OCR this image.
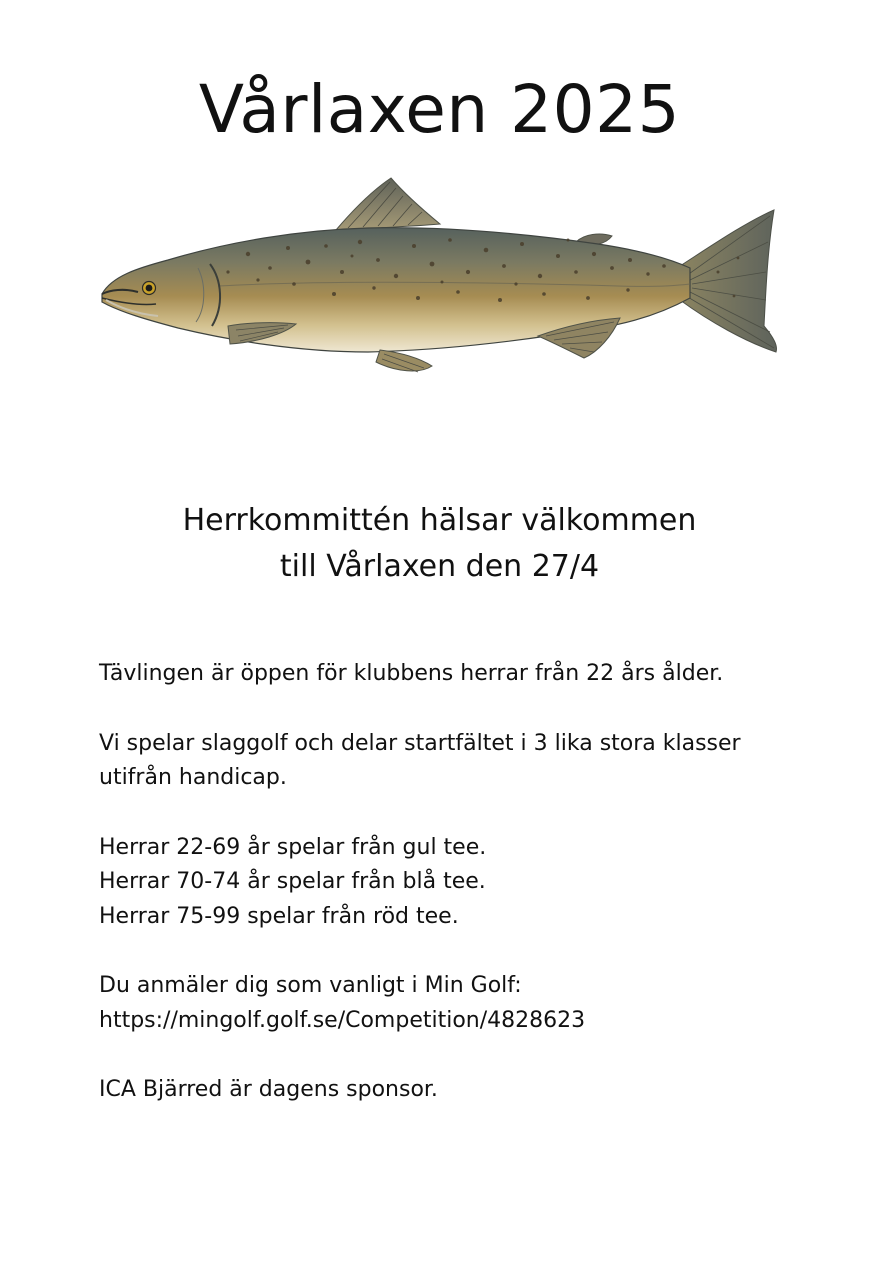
Vårlaxen 2025
Herrkommittén hälsar välkommen
till Vårlaxen den 27/4
Tävlingen är öppen för klubbens herrar från 22 års ålder.
Vi spelar slaggolf och delar startfältet i 3 lika stora klasser
utifrån handicap.
Herrar 22-69 år spelar från gul tee.
Herrar 70-74 år spelar från blå tee.
Herrar 75-99 spelar från röd tee.
Du anmäler dig som vanligt i Min Golf:
https://mingolf.golf.se/Competition/4828623
ICA Bjärred är dagens sponsor.
